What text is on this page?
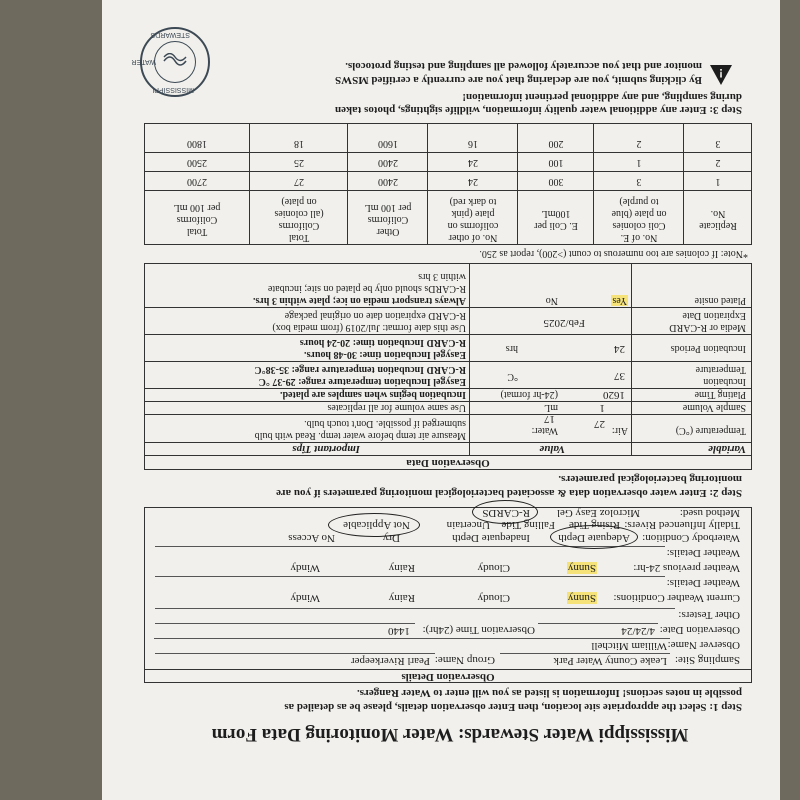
Mississippi Water Stewards: Water Monitoring Data Form
Step 1: Select the appropriate site location, then Enter observation details, please be as detailed as
possible in notes sections! Information is listed as you will enter to Water Rangers.
Observation Details
Sampling Site:
Leake County Water Park
Group Name:
Pearl Riverkeeper
Observer Name:
William Mitchell
Observation Date:
4/24/24
Observation Time (24hr):
1440
Other Testers:
Current Weather Conditions:
Sunny
Cloudy
Rainy
Windy
Weather Details:
Weather previous 24-hr:
Sunny
Cloudy
Rainy
Windy
Weather Details:
Waterbody Condition:
Adequate Depth
Inadequate Depth
Dry
No Access
Tidally Influenced Rivers:
Rising Tide
Falling Tide
Uncertain
Not Applicable
Method used:
Microloz Easy Gel
R-CARDS
Step 2: Enter water observation data & associated bacteriological monitoring parameters if you are
monitoring bacteriological parameters.
Observation Data
Variable
Value
Important Tips
Temperature (°C)
Air:
27
Water:
17
Measure air temp before water temp. Read with bulb
submerged if possible. Don't touch bulb.
Sample Volume
1
mL
Use same volume for all replicates
Plating Time
1620
(24-hr format)
Incubation begins when samples are plated.
Incubation
Temperature
37
°C
Easygel Incubation temperature range: 29-37 °C
R-CARD Incubation temperature range: 35-38°C
Incubation Periods
24
hrs
Easygel Incubation time: 30-48 hours.
R-CARD Incubation time: 20-24 hours
Media or R-CARD
Expiration Date
Feb/2025
Use this date format: Jul/2019 (from media box)
R-CARD expiration date on original package
Plated onsite
Yes
No
Always transport media on ice; plate within 3 hrs.
R-CARDs should only be plated on site; incubate
within 3 hrs
*Note: If colonies are too numerous to count (>200), report as 250.
Replicate
No.
No. of E.
Coli colonies
on plate (blue
to purple)
E. Coli per
100mL
No. of other
coliforms on
plate (pink
to dark red)
Other
Coliforms
per 100 mL
Total
Coliforms
(all colonies
on plate)
Total
Coliforms
per 100 mL
1
3
300
24
2400
27
2700
2
1
100
24
2400
25
2500
3
2
200
16
1600
18
1800
Step 3: Enter any additional water quality information, wildlife sightings, photos taken
during sampling, and any additional pertinent information!
!
By clicking submit, you are declaring that you are currently a certified MSWS
monitor and that you accurately followed all sampling and testing protocols.
MISSISSIPPI
STEWARDS
WATER
